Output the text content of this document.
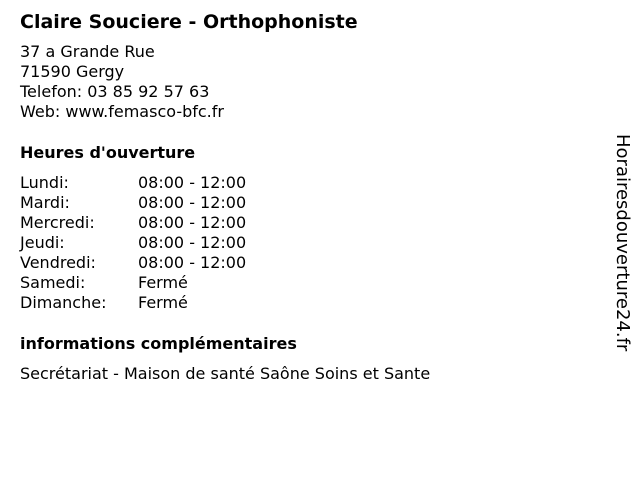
Claire Souciere - Orthophoniste
37 a Grande Rue
71590 Gergy
Telefon: 03 85 92 57 63
Web: www.femasco-bfc.fr
Heures d'ouverture
Lundi:	08:00 - 12:00
Mardi:	08:00 - 12:00
Mercredi:	08:00 - 12:00
Jeudi:	08:00 - 12:00
Vendredi:	08:00 - 12:00
Samedi:	Fermé
Dimanche:	Fermé
informations complémentaires
Secrétariat - Maison de santé Saône Soins et Sante
Horairesdouverture24.fr
